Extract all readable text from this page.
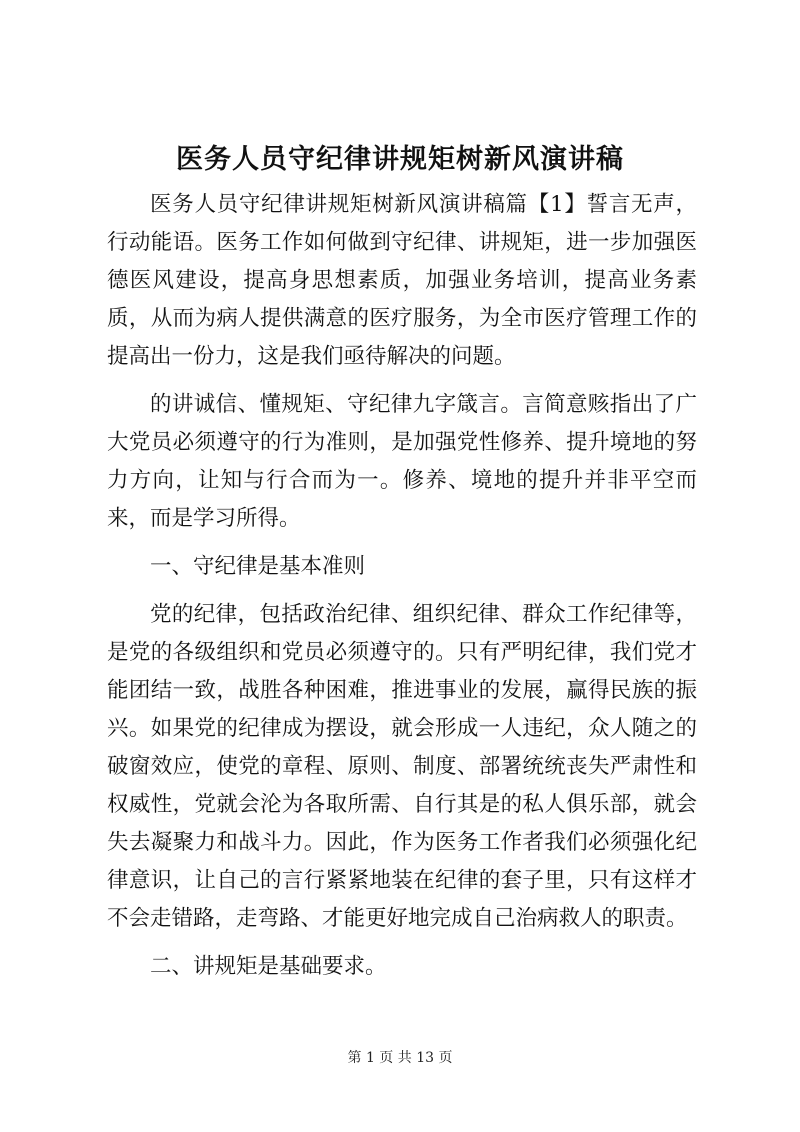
医务人员守纪律讲规矩树新风演讲稿

医务人员守纪律讲规矩树新风演讲稿篇【1】誓言无声，行动能语。医务工作如何做到守纪律、讲规矩，进一步加强医德医风建设，提高身思想素质，加强业务培训，提高业务素质，从而为病人提供满意的医疗服务，为全市医疗管理工作的提高出一份力，这是我们亟待解决的问题。

的讲诚信、懂规矩、守纪律九字箴言。言简意赅指出了广大党员必须遵守的行为准则，是加强党性修养、提升境地的努力方向，让知与行合而为一。修养、境地的提升并非平空而来，而是学习所得。

一、守纪律是基本准则

党的纪律，包括政治纪律、组织纪律、群众工作纪律等，是党的各级组织和党员必须遵守的。只有严明纪律，我们党才能团结一致，战胜各种困难，推进事业的发展，赢得民族的振兴。如果党的纪律成为摆设，就会形成一人违纪，众人随之的破窗效应，使党的章程、原则、制度、部署统统丧失严肃性和权威性，党就会沦为各取所需、自行其是的私人俱乐部，就会失去凝聚力和战斗力。因此，作为医务工作者我们必须强化纪律意识，让自己的言行紧紧地装在纪律的套子里，只有这样才不会走错路，走弯路、才能更好地完成自己治病救人的职责。

二、讲规矩是基础要求。

第 1 页 共 13 页
